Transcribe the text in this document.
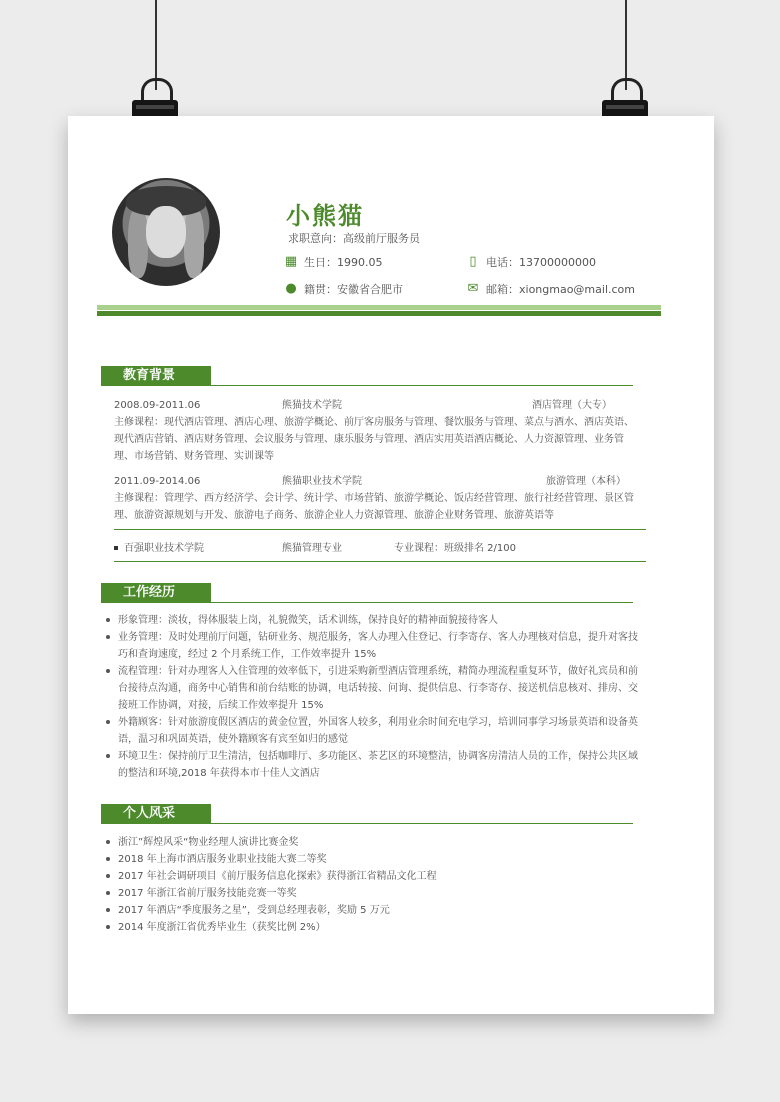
小熊猫
求职意向：高级前厅服务员
▦ 生日：1990.05	▯ 电话：13700000000
● 籍贯：安徽省合肥市	✉ 邮箱：xiongmao@mail.com
教育背景
2008.09-2011.06	熊猫技术学院	酒店管理（大专）
主修课程：现代酒店管理、酒店心理、旅游学概论、前厅客房服务与管理、餐饮服务与管理、菜点与酒水、酒店英语、现代酒店营销、酒店财务管理、会议服务与管理、康乐服务与管理、酒店实用英语酒店概论、人力资源管理、业务管理、市场营销、财务管理、实训课等
2011.09-2014.06	熊猫职业技术学院	旅游管理（本科）
主修课程：管理学、西方经济学、会计学、统计学、市场营销、旅游学概论、饭店经营管理、旅行社经营管理、景区管理、旅游资源规划与开发、旅游电子商务、旅游企业人力资源管理、旅游企业财务管理、旅游英语等
百强职业技术学院	熊猫管理专业	专业课程：班级排名 2/100
工作经历
形象管理：淡妆，得体服装上岗，礼貌微笑，话术训练，保持良好的精神面貌接待客人
业务管理：及时处理前厅问题，钻研业务、规范服务，客人办理入住登记、行李寄存、客人办理核对信息，提升对客技巧和查询速度，经过 2 个月系统工作，工作效率提升 15%
流程管理：针对办理客人入住管理的效率低下，引进采购新型酒店管理系统，精简办理流程重复环节，做好礼宾员和前台接待点沟通，商务中心销售和前台结账的协调，电话转接、问询、提供信息、行李寄存、接送机信息核对、排房、交接班工作协调，对接，后续工作效率提升 15%
外籍顾客：针对旅游度假区酒店的黄金位置，外国客人较多，利用业余时间充电学习，培训同事学习场景英语和设备英语，温习和巩固英语，使外籍顾客有宾至如归的感觉
环境卫生：保持前厅卫生清洁，包括咖啡厅、多功能区、茶艺区的环境整洁，协调客房清洁人员的工作，保持公共区域的整洁和环境,2018 年获得本市十佳人文酒店
个人风采
浙江”辉煌风采“物业经理人演讲比赛金奖
2018 年上海市酒店服务业职业技能大赛二等奖
2017 年社会调研项目《前厅服务信息化探索》获得浙江省精品文化工程
2017 年浙江省前厅服务技能竞赛一等奖
2017 年酒店“季度服务之星”，受到总经理表彰，奖励 5 万元
2014 年度浙江省优秀毕业生（获奖比例 2%）
